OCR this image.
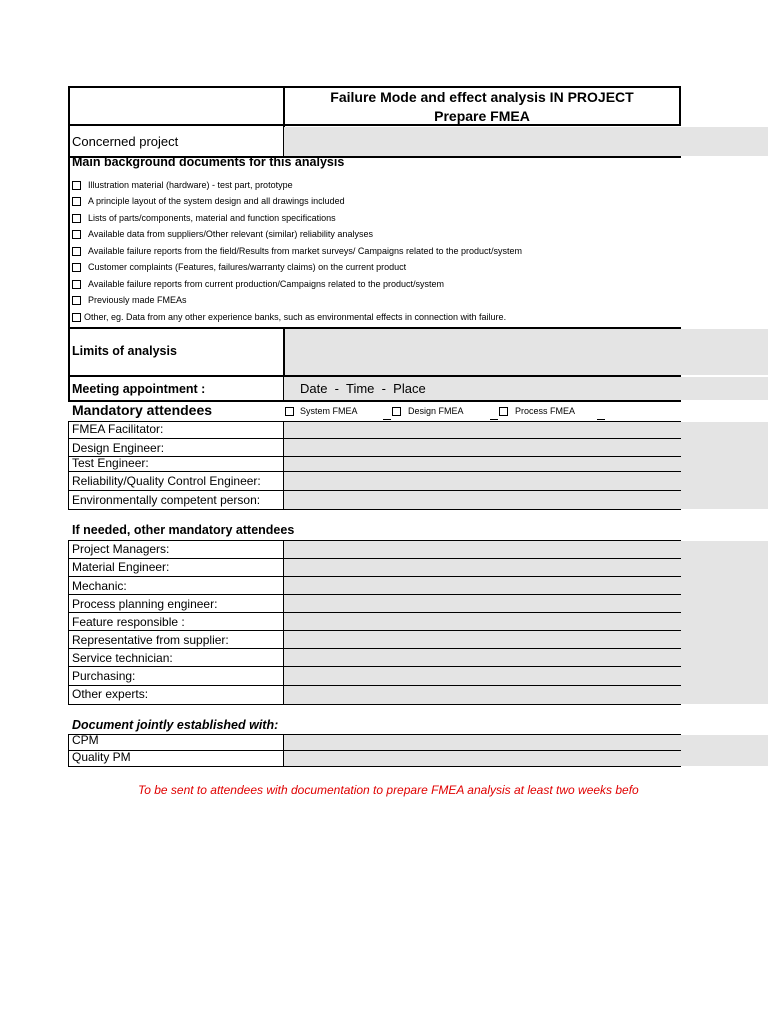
Failure Mode and effect analysis IN PROJECT
Prepare FMEA
Concerned project
Main background documents for this analysis
Illustration material (hardware) - test part, prototype
A principle layout of the system design and all drawings included
Lists of parts/components, material and function specifications
Available data from suppliers/Other relevant (similar) reliability analyses
Available failure reports from the field/Results from market surveys/ Campaigns related to the product/system
Customer complaints (Features, failures/warranty claims) on the current product
Available failure reports from current production/Campaigns related to the product/system
Previously made FMEAs
Other, eg. Data from any other experience banks, such as environmental effects in connection with failure.
Limits of analysis
Meeting appointment :	Date  -  Time  -  Place
Mandatory attendees	System FMEA	Design FMEA	Process FMEA
FMEA Facilitator:
Design Engineer:
Test Engineer:
Reliability/Quality Control Engineer:
Environmentally competent person:
If needed, other mandatory attendees
Project Managers:
Material Engineer:
Mechanic:
Process planning engineer:
Feature responsible :
Representative from supplier:
Service technician:
Purchasing:
Other experts:
Document jointly established with:
CPM
Quality PM
To be sent to attendees with documentation to prepare FMEA analysis at least two weeks befo
